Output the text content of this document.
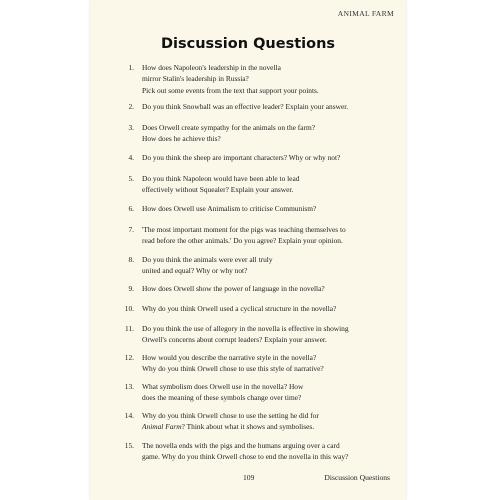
ANIMAL FARM
Discussion Questions
1. How does Napoleon's leadership in the novella
mirror Stalin's leadership in Russia?
Pick out some events from the text that support your points.
2. Do you think Snowball was an effective leader? Explain your answer.
3. Does Orwell create sympathy for the animals on the farm?
How does he achieve this?
4. Do you think the sheep are important characters? Why or why not?
5. Do you think Napoleon would have been able to lead
effectively without Squealer? Explain your answer.
6. How does Orwell use Animalism to criticise Communism?
7. 'The most important moment for the pigs was teaching themselves to
read before the other animals.' Do you agree? Explain your opinion.
8. Do you think the animals were ever all truly
united and equal? Why or why not?
9. How does Orwell show the power of language in the novella?
10. Why do you think Orwell used a cyclical structure in the novella?
11. Do you think the use of allegory in the novella is effective in showing
Orwell's concerns about corrupt leaders? Explain your answer.
12. How would you describe the narrative style in the novella?
Why do you think Orwell chose to use this style of narrative?
13. What symbolism does Orwell use in the novella? How
does the meaning of these symbols change over time?
14. Why do you think Orwell chose to use the setting he did for
Animal Farm? Think about what it shows and symbolises.
15. The novella ends with the pigs and the humans arguing over a card
game. Why do you think Orwell chose to end the novella in this way?
109	Discussion Questions
